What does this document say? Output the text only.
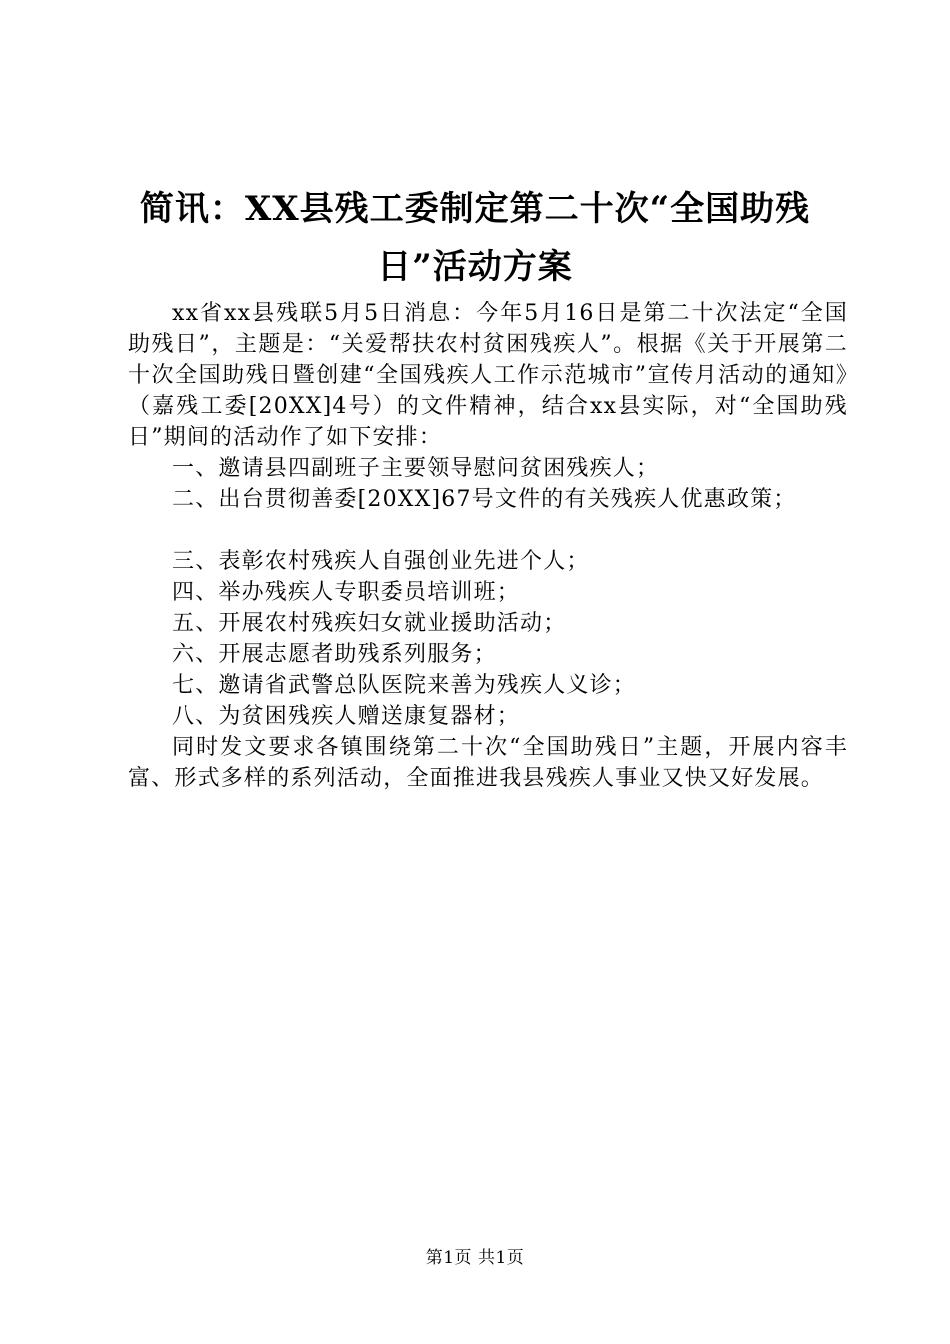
简讯：XX县残工委制定第二十次“全国助残
日”活动方案

xx省xx县残联5月5日消息：今年5月16日是第二十次法定“全国助残日”，主题是：“关爱帮扶农村贫困残疾人”。根据《关于开展第二十次全国助残日暨创建“全国残疾人工作示范城市”宣传月活动的通知》（嘉残工委[20XX]4号）的文件精神，结合xx县实际，对“全国助残日”期间的活动作了如下安排：

一、邀请县四副班子主要领导慰问贫困残疾人；

二、出台贯彻善委[20XX]67号文件的有关残疾人优惠政策；

三、表彰农村残疾人自强创业先进个人；

四、举办残疾人专职委员培训班；

五、开展农村残疾妇女就业援助活动；

六、开展志愿者助残系列服务；

七、邀请省武警总队医院来善为残疾人义诊；

八、为贫困残疾人赠送康复器材；

同时发文要求各镇围绕第二十次“全国助残日”主题，开展内容丰富、形式多样的系列活动，全面推进我县残疾人事业又快又好发展。

第1页 共1页
